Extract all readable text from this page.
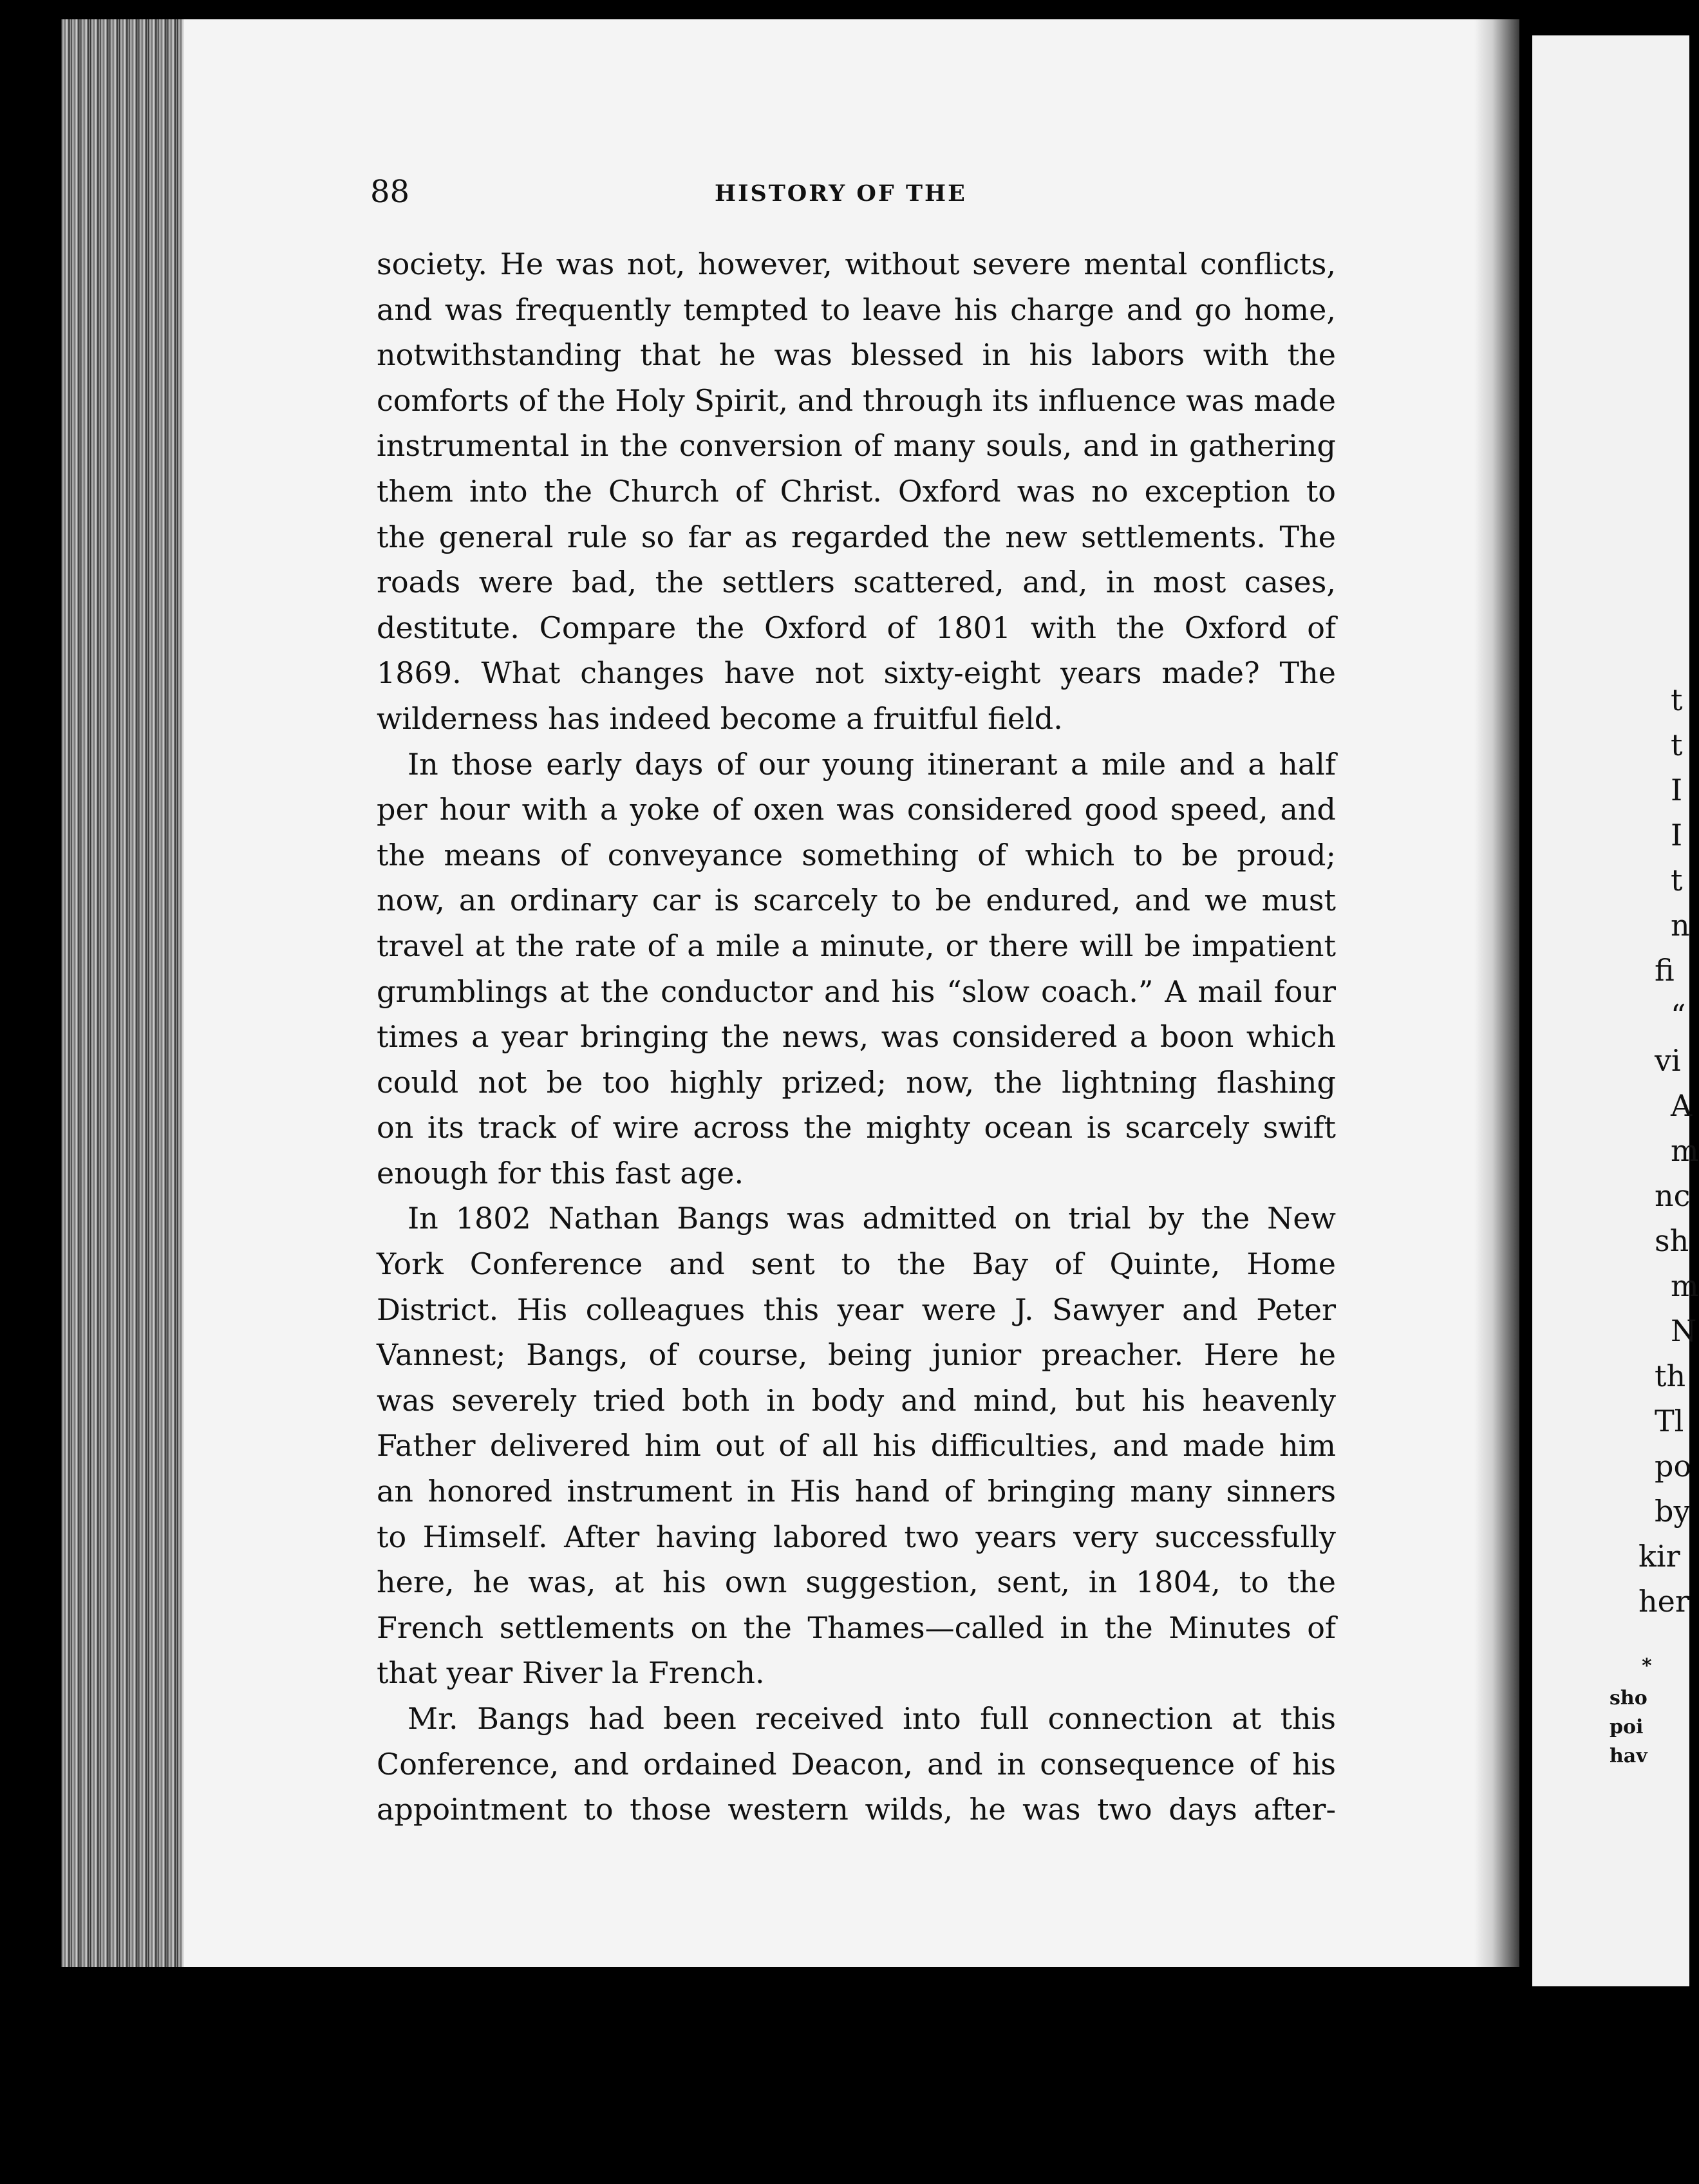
88	HISTORY OF THE
society. He was not, however, without severe mental conflicts,
and was frequently tempted to leave his charge and go home,
notwithstanding that he was blessed in his labors with the
comforts of the Holy Spirit, and through its influence was made
instrumental in the conversion of many souls, and in gathering
them into the Church of Christ. Oxford was no exception to
the general rule so far as regarded the new settlements. The
roads were bad, the settlers scattered, and, in most cases,
destitute. Compare the Oxford of 1801 with the Oxford of
1869. What changes have not sixty-eight years made? The
wilderness has indeed become a fruitful field.
In those early days of our young itinerant a mile and a half
per hour with a yoke of oxen was considered good speed, and
the means of conveyance something of which to be proud;
now, an ordinary car is scarcely to be endured, and we must
travel at the rate of a mile a minute, or there will be impatient
grumblings at the conductor and his “slow coach.” A mail four
times a year bringing the news, was considered a boon which
could not be too highly prized; now, the lightning flashing
on its track of wire across the mighty ocean is scarcely swift
enough for this fast age.
In 1802 Nathan Bangs was admitted on trial by the New
York Conference and sent to the Bay of Quinte, Home
District. His colleagues this year were J. Sawyer and Peter
Vannest; Bangs, of course, being junior preacher. Here he
was severely tried both in body and mind, but his heavenly
Father delivered him out of all his difficulties, and made him
an honored instrument in His hand of bringing many sinners
to Himself. After having labored two years very successfully
here, he was, at his own suggestion, sent, in 1804, to the
French settlements on the Thames—called in the Minutes of
that year River la French.
Mr. Bangs had been received into full connection at this
Conference, and ordained Deacon, and in consequence of his
appointment to those western wilds, he was two days after-
t
t
I
I
t
n
fi
“
vi
A
m
nc
sh
m
N
th
Tl
po
by
kir
her
*
sho
poi
hav
